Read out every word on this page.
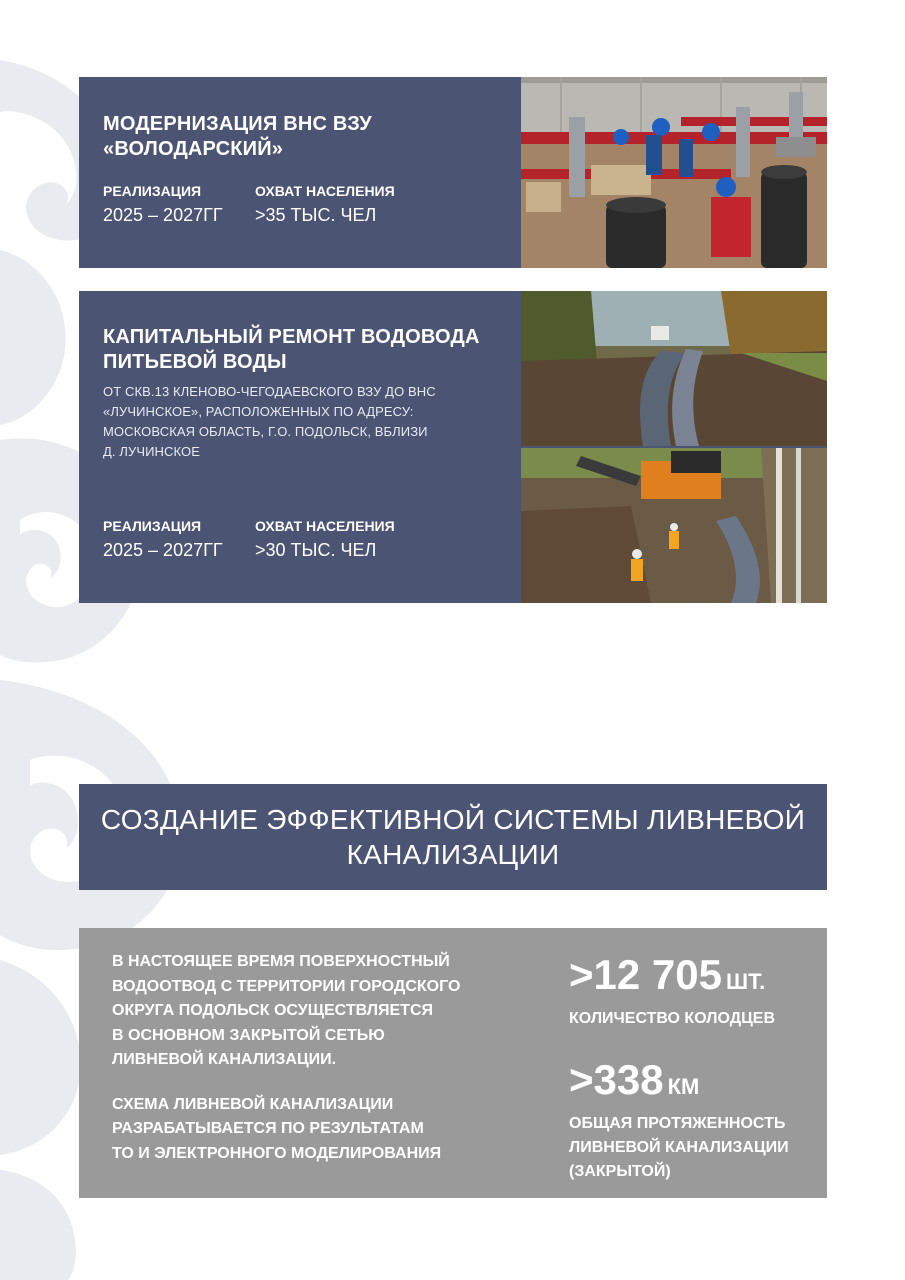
МОДЕРНИЗАЦИЯ ВНС ВЗУ
«ВОЛОДАРСКИЙ»
РЕАЛИЗАЦИЯ
2025 – 2027ГГ
ОХВАТ НАСЕЛЕНИЯ
>35 ТЫС. ЧЕЛ
КАПИТАЛЬНЫЙ РЕМОНТ ВОДОВОДА
ПИТЬЕВОЙ ВОДЫ
ОТ СКВ.13 КЛЕНОВО-ЧЕГОДАЕВСКОГО ВЗУ ДО ВНС
«ЛУЧИНСКОЕ», РАСПОЛОЖЕННЫХ ПО АДРЕСУ:
МОСКОВСКАЯ ОБЛАСТЬ, Г.О. ПОДОЛЬСК, ВБЛИЗИ
Д. ЛУЧИНСКОЕ
РЕАЛИЗАЦИЯ
2025 – 2027ГГ
ОХВАТ НАСЕЛЕНИЯ
>30 ТЫС. ЧЕЛ
СОЗДАНИЕ ЭФФЕКТИВНОЙ СИСТЕМЫ ЛИВНЕВОЙ
КАНАЛИЗАЦИИ
В НАСТОЯЩЕЕ ВРЕМЯ ПОВЕРХНОСТНЫЙ
ВОДООТВОД С ТЕРРИТОРИИ ГОРОДСКОГО
ОКРУГА ПОДОЛЬСК ОСУЩЕСТВЛЯЕТСЯ
В ОСНОВНОМ ЗАКРЫТОЙ СЕТЬЮ
ЛИВНЕВОЙ КАНАЛИЗАЦИИ.
СХЕМА ЛИВНЕВОЙ КАНАЛИЗАЦИИ
РАЗРАБАТЫВАЕТСЯ ПО РЕЗУЛЬТАТАМ
ТО И ЭЛЕКТРОННОГО МОДЕЛИРОВАНИЯ
>12 705 ШТ.
КОЛИЧЕСТВО КОЛОДЦЕВ
>338 КМ
ОБЩАЯ ПРОТЯЖЕННОСТЬ
ЛИВНЕВОЙ КАНАЛИЗАЦИИ
(ЗАКРЫТОЙ)
